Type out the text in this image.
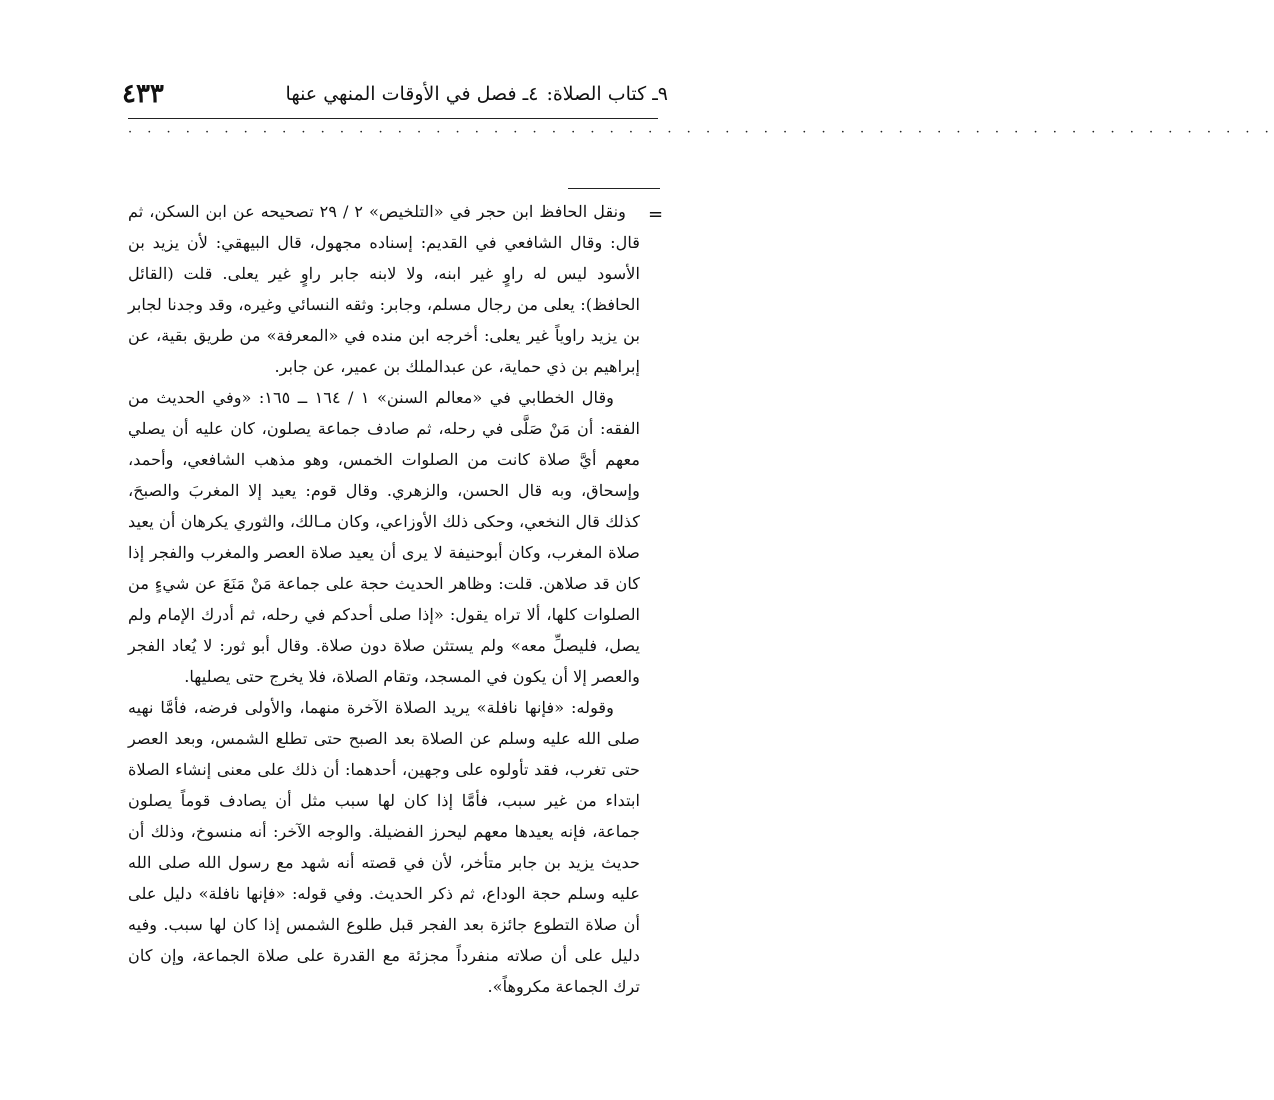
٩ـ كتاب الصلاة:
٤ـ فصل في الأوقات المنهي عنها
٤٣٣
· · · · · · · · · · · · · · · · · · · · · · · · · · · · · · · · · · · · · · · · · · · · · · · · · · · · · · · · · · · ·
=

ونقل الحافظ ابن حجر في «التلخيص» ٢ / ٢٩ تصحيحه عن ابن السكن، ثم قال: وقال الشافعي في القديم: إسناده مجهول، قال البيهقي: لأن يزيد بن الأسود ليس له راوٍ غير ابنه، ولا لابنه جابر راوٍ غير يعلى. قلت (القائل الحافظ): يعلى من رجال مسلم، وجابر: وثقه النسائي وغيره، وقد وجدنا لجابر بن يزيد راوياً غير يعلى: أخرجه ابن منده في «المعرفة» من طريق بقية، عن إبراهيم بن ذي حماية، عن عبدالملك بن عمير، عن جابر.

وقال الخطابي في «معالم السنن» ١ / ١٦٤ ــ ١٦٥: «وفي الحديث من الفقه: أن مَنْ صَلَّى في رحله، ثم صادف جماعة يصلون، كان عليه أن يصلي معهم أيَّ صلاة كانت من الصلوات الخمس، وهو مذهب الشافعي، وأحمد، وإسحاق، وبه قال الحسن، والزهري. وقال قوم: يعيد إلا المغربَ والصبحَ، كذلك قال النخعي، وحكى ذلك الأوزاعي، وكان مـالك، والثوري يكرهان أن يعيد صلاة المغرب، وكان أبوحنيفة لا يرى أن يعيد صلاة العصر والمغرب والفجر إذا كان قد صلاهن. قلت: وظاهر الحديث حجة على جماعة مَنْ مَنَعَ عن شيءٍ من الصلوات كلها، ألا تراه يقول: «إذا صلى أحدكم في رحله، ثم أدرك الإمام ولم يصل، فليصلِّ معه» ولم يستثن صلاة دون صلاة. وقال أبو ثور: لا يُعاد الفجر والعصر إلا أن يكون في المسجد، وتقام الصلاة، فلا يخرج حتى يصليها.

وقوله: «فإنها نافلة» يريد الصلاة الآخرة منهما، والأولى فرضه، فأمَّا نهيه صلى الله عليه وسلم عن الصلاة بعد الصبح حتى تطلع الشمس، وبعد العصر حتى تغرب، فقد تأولوه على وجهين، أحدهما: أن ذلك على معنى إنشاء الصلاة ابتداء من غير سبب، فأمَّا إذا كان لها سبب مثل أن يصادف قوماً يصلون جماعة، فإنه يعيدها معهم ليحرز الفضيلة. والوجه الآخر: أنه منسوخ، وذلك أن حديث يزيد بن جابر متأخر، لأن في قصته أنه شهد مع رسول الله صلى الله عليه وسلم حجة الوداع، ثم ذكر الحديث. وفي قوله: «فإنها نافلة» دليل على أن صلاة التطوع جائزة بعد الفجر قبل طلوع الشمس إذا كان لها سبب. وفيه دليل على أن صلاته منفرداً مجزئة مع القدرة على صلاة الجماعة، وإن كان ترك الجماعة مكروهاً».
